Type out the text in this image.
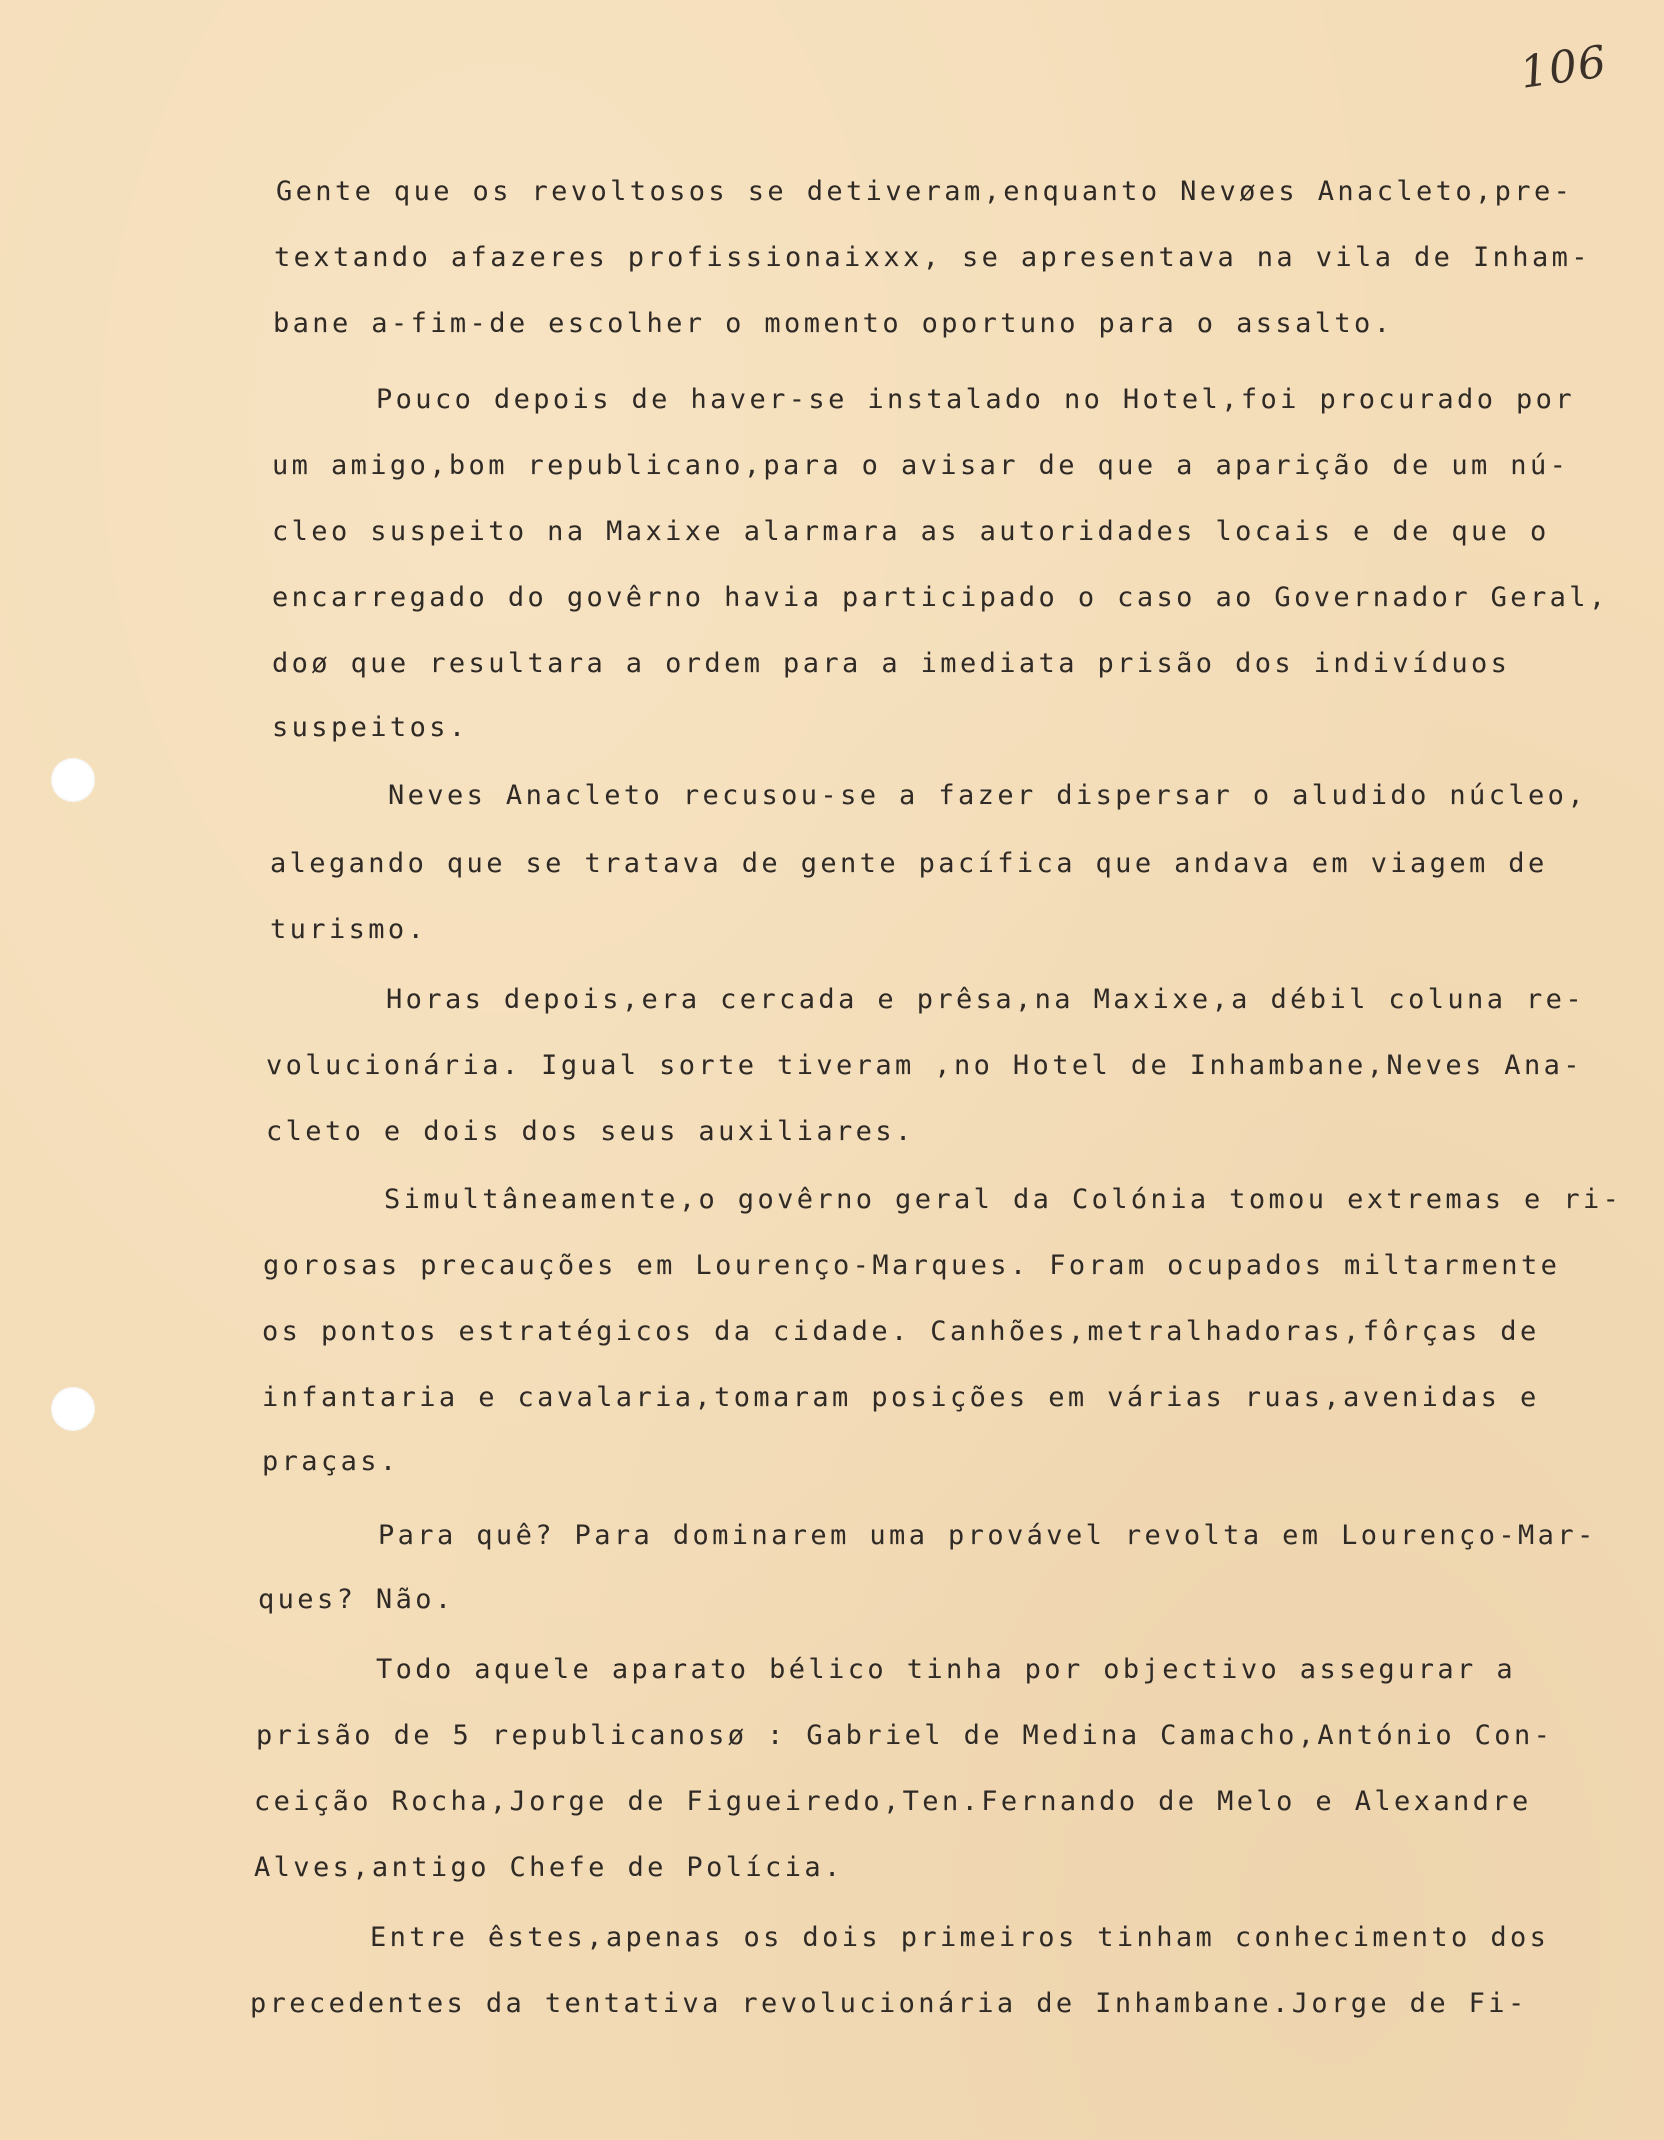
106
Gente que os revoltosos se detiveram,enquanto Nevøes Anacleto,pre-
textando afazeres profissionaixxx, se apresentava na vila de Inham-
bane a-fim-de escolher o momento oportuno para o assalto.
Pouco depois de haver-se instalado no Hotel,foi procurado por
um amigo,bom republicano,para o avisar de que a aparição de um nú-
cleo suspeito na Maxixe alarmara as autoridades locais e de que o
encarregado do govêrno havia participado o caso ao Governador Geral,
doø que resultara a ordem para a imediata prisão dos indivíduos
suspeitos.
Neves Anacleto recusou-se a fazer dispersar o aludido núcleo,
alegando que se tratava de gente pacífica que andava em viagem de
turismo.
Horas depois,era cercada e prêsa,na Maxixe,a débil coluna re-
volucionária. Igual sorte tiveram ,no Hotel de Inhambane,Neves Ana-
cleto e dois dos seus auxiliares.
Simultâneamente,o govêrno geral da Colónia tomou extremas e ri-
gorosas precauções em Lourenço-Marques. Foram ocupados miltarmente
os pontos estratégicos da cidade. Canhões,metralhadoras,fôrças de
infantaria e cavalaria,tomaram posições em várias ruas,avenidas e
praças.
Para quê? Para dominarem uma provável revolta em Lourenço-Mar-
ques? Não.
Todo aquele aparato bélico tinha por objectivo assegurar a
prisão de 5 republicanosø : Gabriel de Medina Camacho,António Con-
ceição Rocha,Jorge de Figueiredo,Ten.Fernando de Melo e Alexandre
Alves,antigo Chefe de Polícia.
Entre êstes,apenas os dois primeiros tinham conhecimento dos
precedentes da tentativa revolucionária de Inhambane.Jorge de Fi-
